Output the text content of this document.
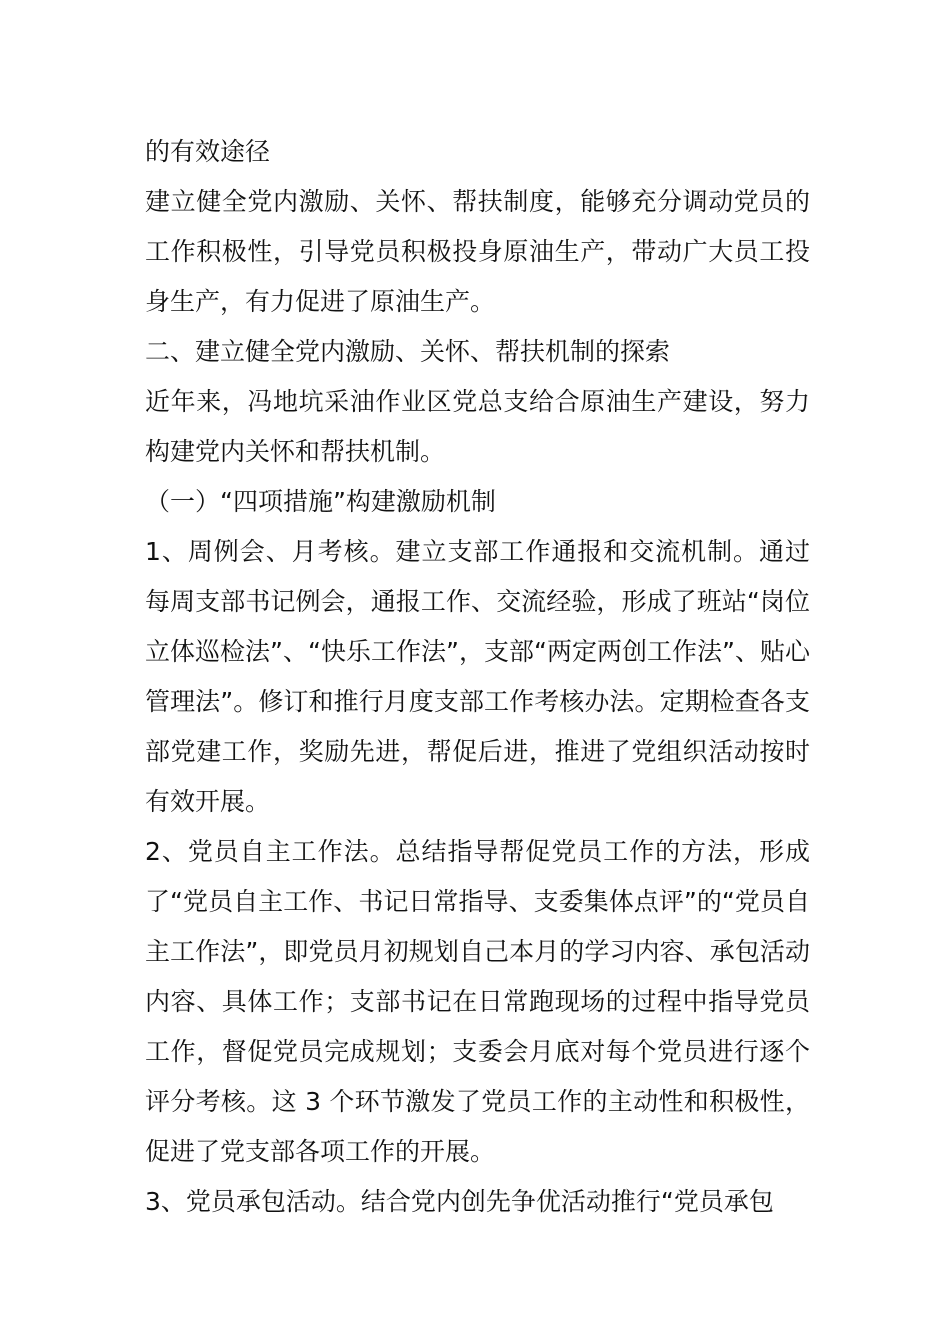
的有效途径

建立健全党内激励、关怀、帮扶制度，能够充分调动党员的工作积极性，引导党员积极投身原油生产，带动广大员工投身生产，有力促进了原油生产。

二、建立健全党内激励、关怀、帮扶机制的探索

近年来，冯地坑采油作业区党总支给合原油生产建设，努力构建党内关怀和帮扶机制。

（一）“四项措施”构建激励机制

1、周例会、月考核。建立支部工作通报和交流机制。通过每周支部书记例会，通报工作、交流经验，形成了班站“岗位立体巡检法”、“快乐工作法”，支部“两定两创工作法”、贴心管理法”。修订和推行月度支部工作考核办法。定期检查各支部党建工作，奖励先进，帮促后进，推进了党组织活动按时有效开展。

2、党员自主工作法。总结指导帮促党员工作的方法，形成了“党员自主工作、书记日常指导、支委集体点评”的“党员自主工作法”，即党员月初规划自己本月的学习内容、承包活动内容、具体工作；支部书记在日常跑现场的过程中指导党员工作，督促党员完成规划；支委会月底对每个党员进行逐个评分考核。这 3 个环节激发了党员工作的主动性和积极性，促进了党支部各项工作的开展。

3、党员承包活动。结合党内创先争优活动推行“党员承包
